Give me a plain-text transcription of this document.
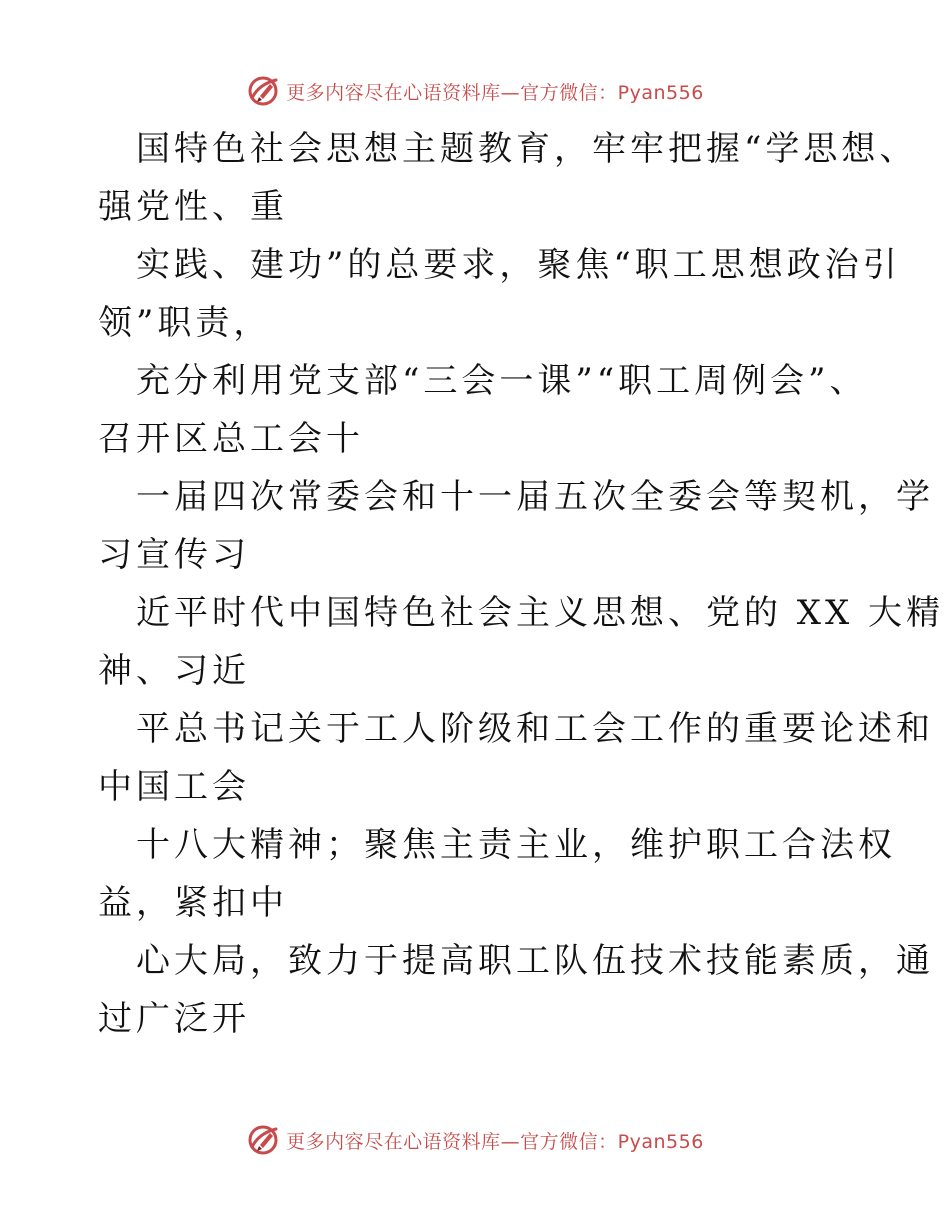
更多内容尽在心语资料库—官方微信：Pyan556
国特色社会思想主题教育，牢牢把握“学思想、
强党性、重
实践、建功”的总要求，聚焦“职工思想政治引
领”职责，
充分利用党支部“三会一课”“职工周例会”、
召开区总工会十
一届四次常委会和十一届五次全委会等契机，学
习宣传习
近平时代中国特色社会主义思想、党的 XX 大精
神、习近
平总书记关于工人阶级和工会工作的重要论述和
中国工会
十八大精神；聚焦主责主业，维护职工合法权
益，紧扣中
心大局，致力于提高职工队伍技术技能素质，通
过广泛开
更多内容尽在心语资料库—官方微信：Pyan556
